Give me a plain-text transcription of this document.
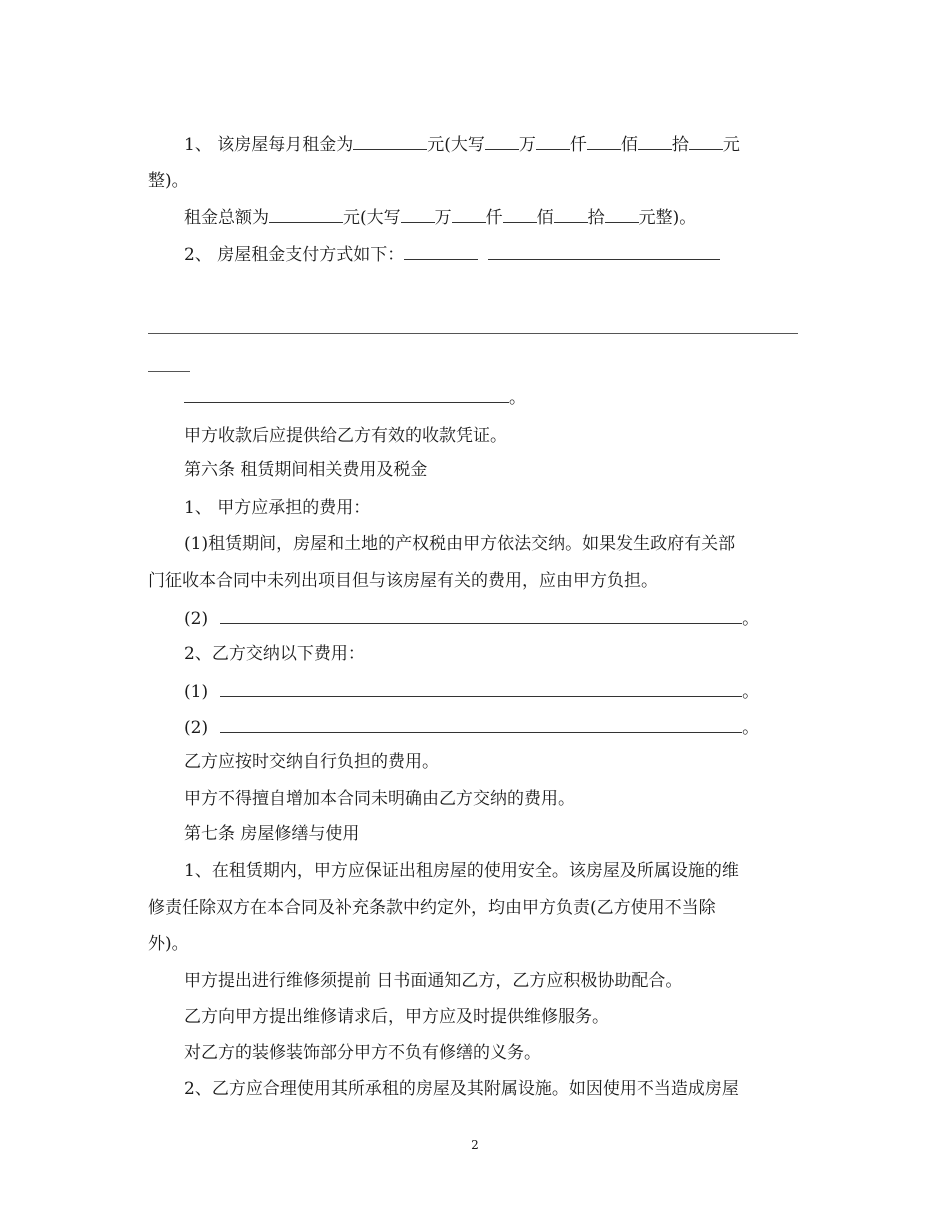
1、 该房屋每月租金为	元(大写 万 仟 佰 拾 元
整)。
租金总额为	元(大写 万 仟 佰 拾 元整)。
2、 房屋租金支付方式如下：
。
甲方收款后应提供给乙方有效的收款凭证。
第六条 租赁期间相关费用及税金
1、 甲方应承担的费用：
(1)租赁期间，房屋和土地的产权税由甲方依法交纳。如果发生政府有关部
门征收本合同中未列出项目但与该房屋有关的费用，应由甲方负担。
(2)	。
2、乙方交纳以下费用：
(1)	。
(2)	。
乙方应按时交纳自行负担的费用。
甲方不得擅自增加本合同未明确由乙方交纳的费用。
第七条 房屋修缮与使用
1、在租赁期内，甲方应保证出租房屋的使用安全。该房屋及所属设施的维
修责任除双方在本合同及补充条款中约定外，均由甲方负责(乙方使用不当除
外)。
甲方提出进行维修须提前 日书面通知乙方，乙方应积极协助配合。
乙方向甲方提出维修请求后，甲方应及时提供维修服务。
对乙方的装修装饰部分甲方不负有修缮的义务。
2、乙方应合理使用其所承租的房屋及其附属设施。如因使用不当造成房屋
2
